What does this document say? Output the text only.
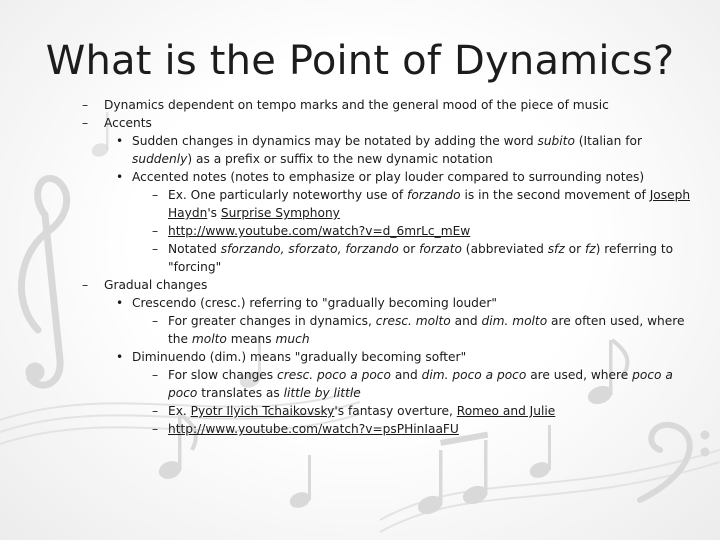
What is the Point of Dynamics?
– Dynamics dependent on tempo marks and the general mood of the piece of music
– Accents
• Sudden changes in dynamics may be notated by adding the word subito (Italian for suddenly) as a prefix or suffix to the new dynamic notation
• Accented notes (notes to emphasize or play louder compared to surrounding notes)
– Ex. One particularly noteworthy use of forzando is in the second movement of Joseph Haydn's Surprise Symphony
– http://www.youtube.com/watch?v=d_6mrLc_mEw
– Notated sforzando, sforzato, forzando or forzato (abbreviated sfz or fz) referring to "forcing"
– Gradual changes
• Crescendo (cresc.) referring to "gradually becoming louder"
– For greater changes in dynamics, cresc. molto and dim. molto are often used, where the molto means much
• Diminuendo (dim.) means "gradually becoming softer"
– For slow changes cresc. poco a poco and dim. poco a poco are used, where poco a poco translates as little by little
– Ex. Pyotr Ilyich Tchaikovsky's fantasy overture, Romeo and Julie
– http://www.youtube.com/watch?v=psPHinIaaFU
